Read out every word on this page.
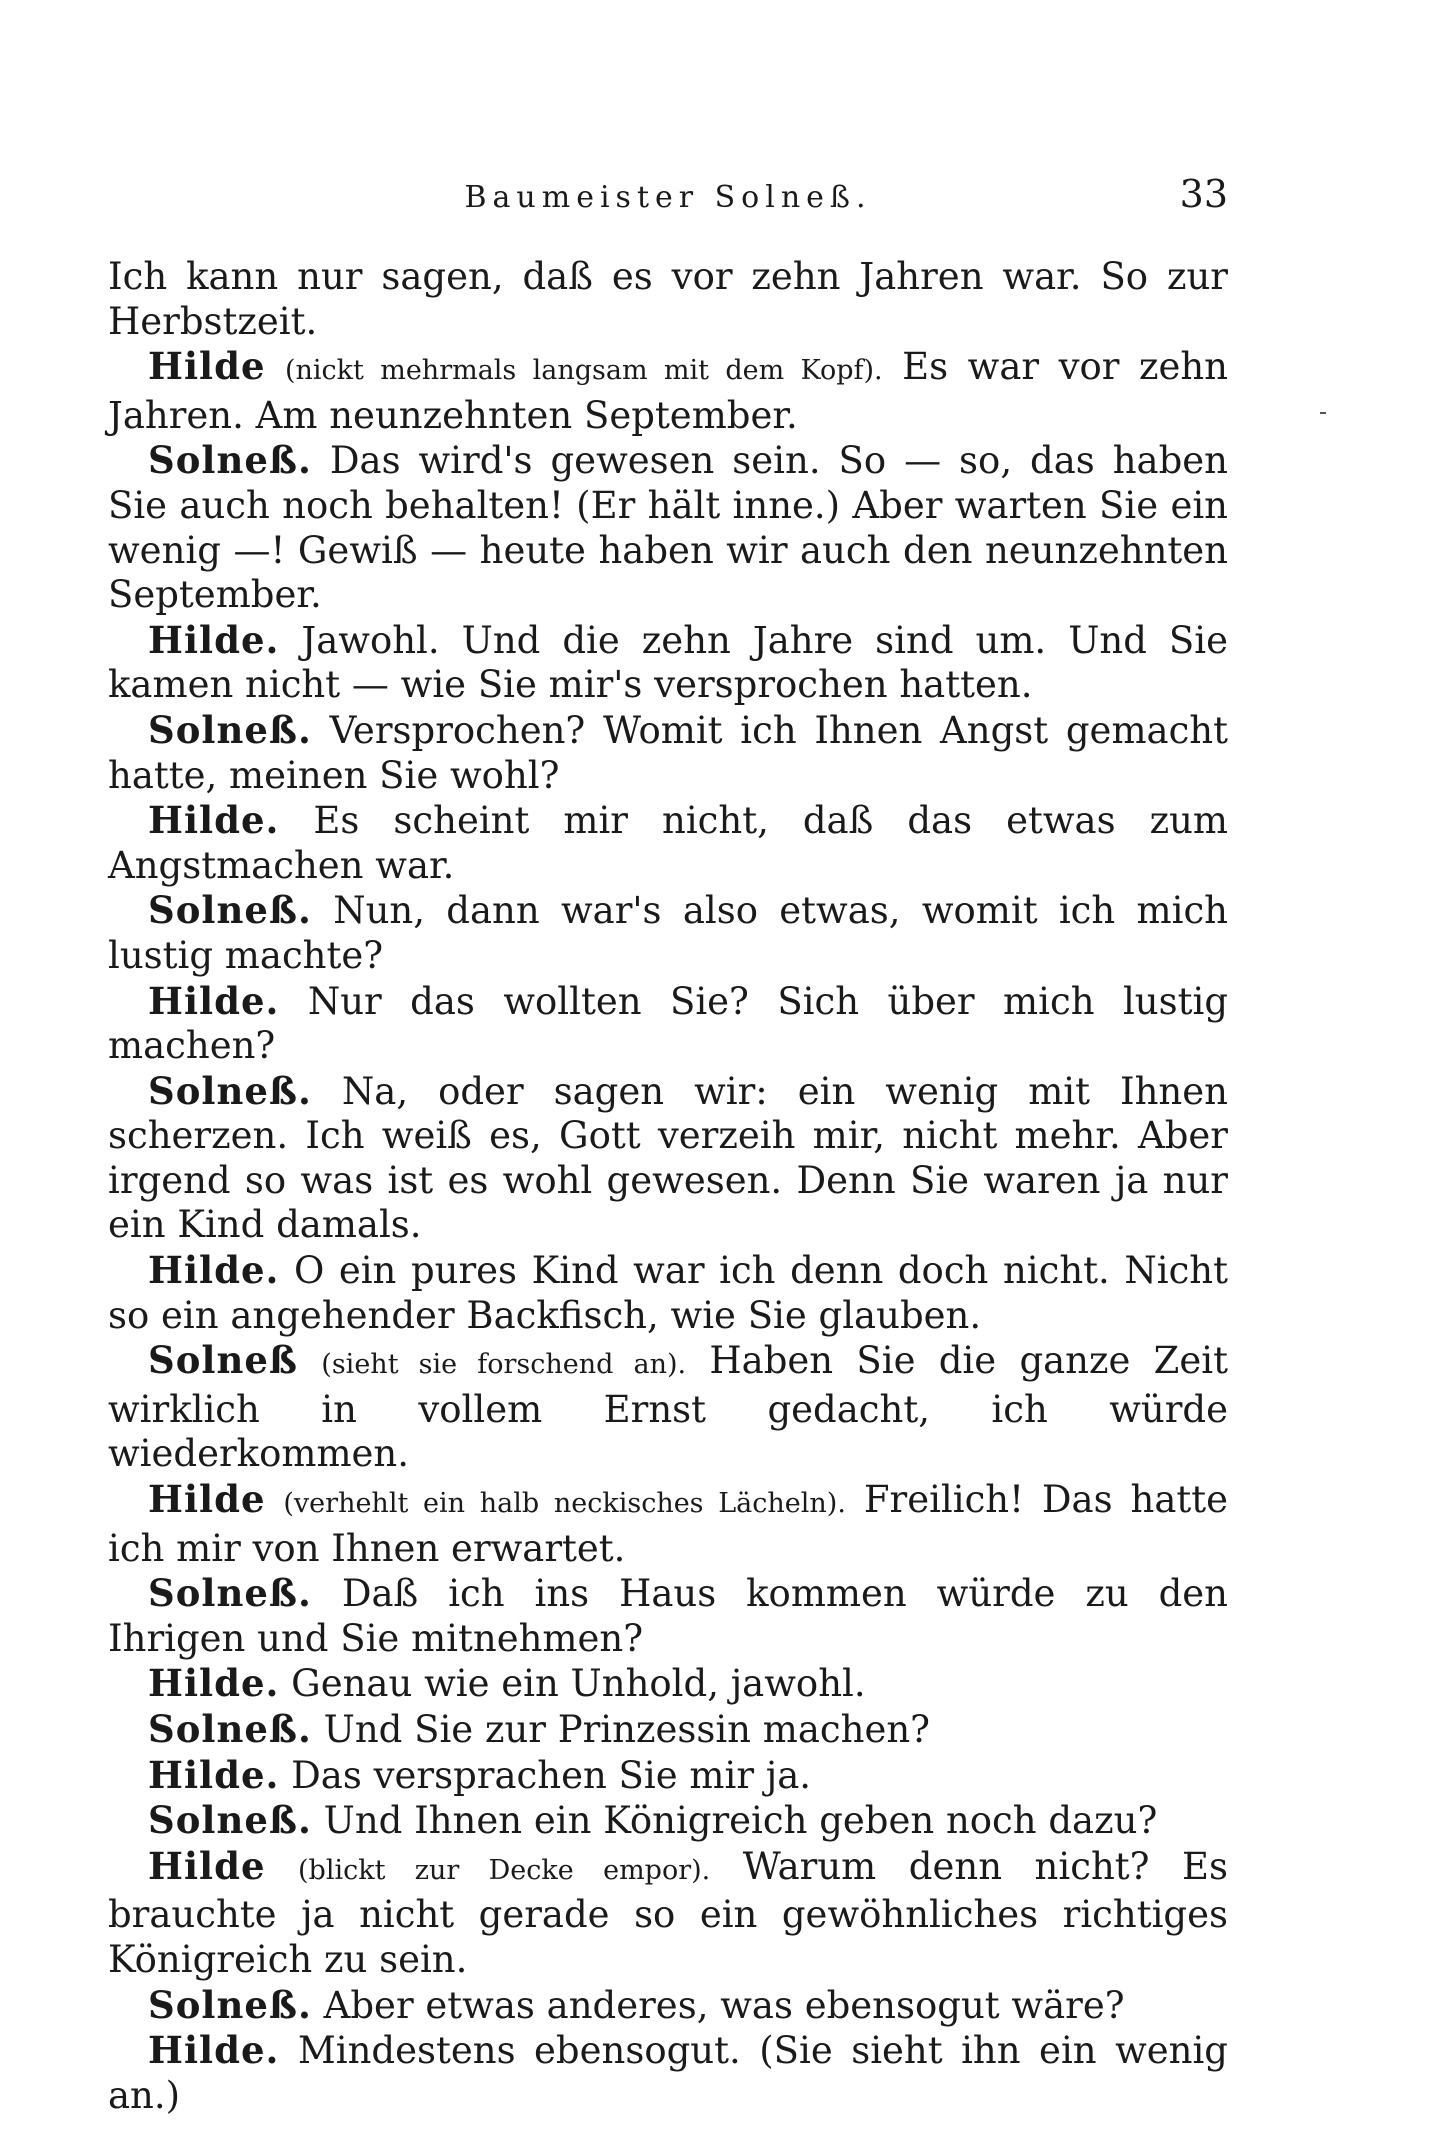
Baumeister Solneß.	33

Ich kann nur sagen, daß es vor zehn Jahren war. So zur Herbstzeit.

Hilde (nickt mehrmals langsam mit dem Kopf). Es war vor zehn Jahren. Am neunzehnten September.

Solneß. Das wird's gewesen sein. So — so, das haben Sie auch noch behalten! (Er hält inne.) Aber warten Sie ein wenig —! Gewiß — heute haben wir auch den neunzehnten September.

Hilde. Jawohl. Und die zehn Jahre sind um. Und Sie kamen nicht — wie Sie mir's versprochen hatten.

Solneß. Versprochen? Womit ich Ihnen Angst gemacht hatte, meinen Sie wohl?

Hilde. Es scheint mir nicht, daß das etwas zum Angstmachen war.

Solneß. Nun, dann war's also etwas, womit ich mich lustig machte?

Hilde. Nur das wollten Sie? Sich über mich lustig machen?

Solneß. Na, oder sagen wir: ein wenig mit Ihnen scherzen. Ich weiß es, Gott verzeih mir, nicht mehr. Aber irgend so was ist es wohl gewesen. Denn Sie waren ja nur ein Kind damals.

Hilde. O ein pures Kind war ich denn doch nicht. Nicht so ein angehender Backfisch, wie Sie glauben.

Solneß (sieht sie forschend an). Haben Sie die ganze Zeit wirklich in vollem Ernst gedacht, ich würde wiederkommen.

Hilde (verhehlt ein halb neckisches Lächeln). Freilich! Das hatte ich mir von Ihnen erwartet.

Solneß. Daß ich ins Haus kommen würde zu den Ihrigen und Sie mitnehmen?

Hilde. Genau wie ein Unhold, jawohl.

Solneß. Und Sie zur Prinzessin machen?

Hilde. Das versprachen Sie mir ja.

Solneß. Und Ihnen ein Königreich geben noch dazu?

Hilde (blickt zur Decke empor). Warum denn nicht? Es brauchte ja nicht gerade so ein gewöhnliches richtiges Königreich zu sein.

Solneß. Aber etwas anderes, was ebensogut wäre?

Hilde. Mindestens ebensogut. (Sie sieht ihn ein wenig an.)
